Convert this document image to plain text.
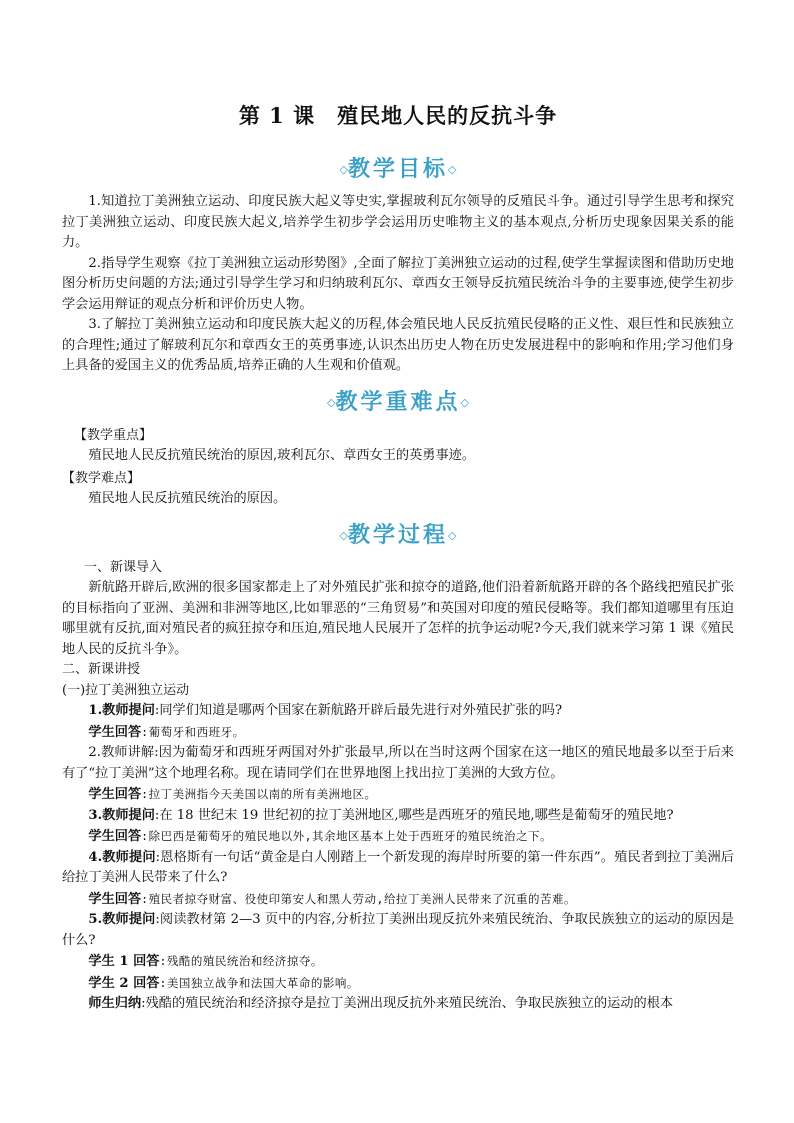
第 1 课　殖民地人民的反抗斗争
◇教学目标◇

1.知道拉丁美洲独立运动、印度民族大起义等史实,掌握玻利瓦尔领导的反殖民斗争。通过引导学生思考和探究拉丁美洲独立运动、印度民族大起义,培养学生初步学会运用历史唯物主义的基本观点,分析历史现象因果关系的能力。

2.指导学生观察《拉丁美洲独立运动形势图》,全面了解拉丁美洲独立运动的过程,使学生掌握读图和借助历史地图分析历史问题的方法;通过引导学生学习和归纳玻利瓦尔、章西女王领导反抗殖民统治斗争的主要事迹,使学生初步学会运用辩证的观点分析和评价历史人物。

3.了解拉丁美洲独立运动和印度民族大起义的历程,体会殖民地人民反抗殖民侵略的正义性、艰巨性和民族独立的合理性;通过了解玻利瓦尔和章西女王的英勇事迹,认识杰出历史人物在历史发展进程中的影响和作用;学习他们身上具备的爱国主义的优秀品质,培养正确的人生观和价值观。

◇教学重难点◇

【教学重点】

殖民地人民反抗殖民统治的原因,玻利瓦尔、章西女王的英勇事迹。

【教学难点】

殖民地人民反抗殖民统治的原因。

◇教学过程◇

一、新课导入

新航路开辟后,欧洲的很多国家都走上了对外殖民扩张和掠夺的道路,他们沿着新航路开辟的各个路线把殖民扩张的目标指向了亚洲、美洲和非洲等地区,比如罪恶的“三角贸易”和英国对印度的殖民侵略等。我们都知道哪里有压迫哪里就有反抗,面对殖民者的疯狂掠夺和压迫,殖民地人民展开了怎样的抗争运动呢?今天,我们就来学习第 1 课《殖民地人民的反抗斗争》。

二、新课讲授

(一)拉丁美洲独立运动

1.教师提问:同学们知道是哪两个国家在新航路开辟后最先进行对外殖民扩张的吗?

学生回答:葡萄牙和西班牙。

2.教师讲解:因为葡萄牙和西班牙两国对外扩张最早,所以在当时这两个国家在这一地区的殖民地最多以至于后来有了“拉丁美洲”这个地理名称。现在请同学们在世界地图上找出拉丁美洲的大致方位。

学生回答:拉丁美洲指今天美国以南的所有美洲地区。

3.教师提问:在 18 世纪末 19 世纪初的拉丁美洲地区,哪些是西班牙的殖民地,哪些是葡萄牙的殖民地?

学生回答:除巴西是葡萄牙的殖民地以外,其余地区基本上处于西班牙的殖民统治之下。

4.教师提问:恩格斯有一句话“黄金是白人刚踏上一个新发现的海岸时所要的第一件东西”。殖民者到拉丁美洲后给拉丁美洲人民带来了什么?

学生回答:殖民者掠夺财富、役使印第安人和黑人劳动,给拉丁美洲人民带来了沉重的苦难。

5.教师提问:阅读教材第 2—3 页中的内容,分析拉丁美洲出现反抗外来殖民统治、争取民族独立的运动的原因是什么?

学生 1 回答:残酷的殖民统治和经济掠夺。

学生 2 回答:美国独立战争和法国大革命的影响。

师生归纳:残酷的殖民统治和经济掠夺是拉丁美洲出现反抗外来殖民统治、争取民族独立的运动的根本
